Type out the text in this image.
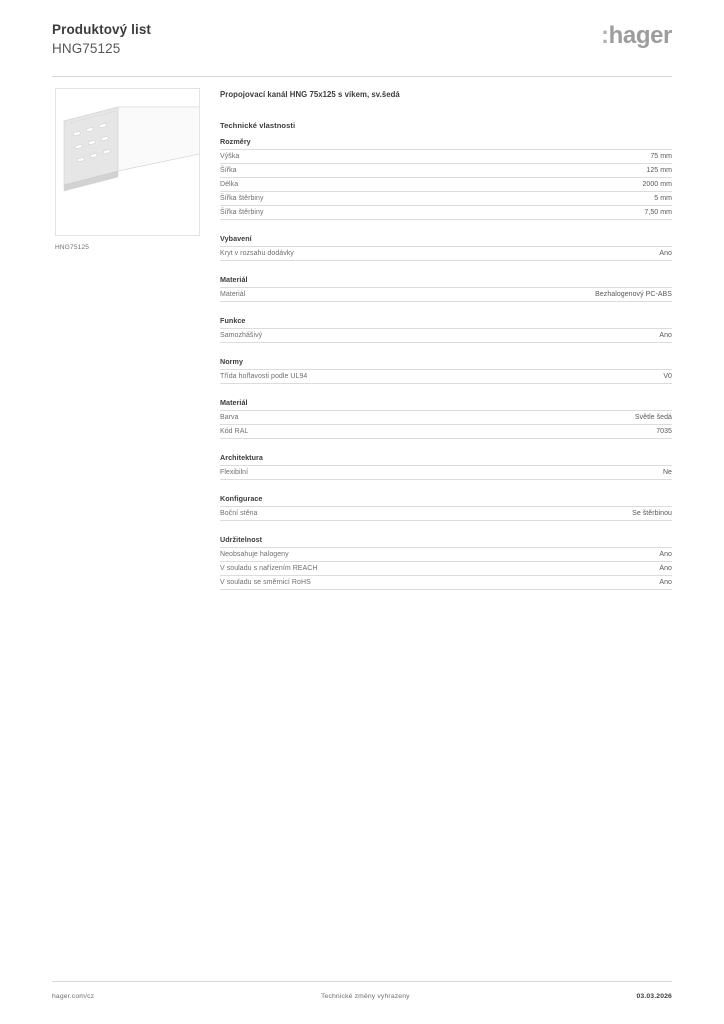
Produktový list
HNG75125	:hager
HNG75125
Propojovací kanál HNG 75x125 s víkem, sv.šedá
Technické vlastnosti
Rozměry
Výška	75 mm
Šířka	125 mm
Délka	2000 mm
Šířka štěrbiny	5 mm
Šířka štěrbiny	7,50 mm
Vybavení
Kryt v rozsahu dodávky	Ano
Materiál
Materiál	Bezhalogenový PC-ABS
Funkce
Samozhášivý	Ano
Normy
Třída hořlavosti podle UL94	V0
Materiál
Barva	Světle šedá
Kód RAL	7035
Architektura
Flexibilní	Ne
Konfigurace
Boční stěna	Se štěrbinou
Udržitelnost
Neobsahuje halogeny	Ano
V souladu s nařízením REACH	Ano
V souladu se směrnicí RoHS	Ano
hager.com/cz	Technické změny vyhrazeny	03.03.2026
